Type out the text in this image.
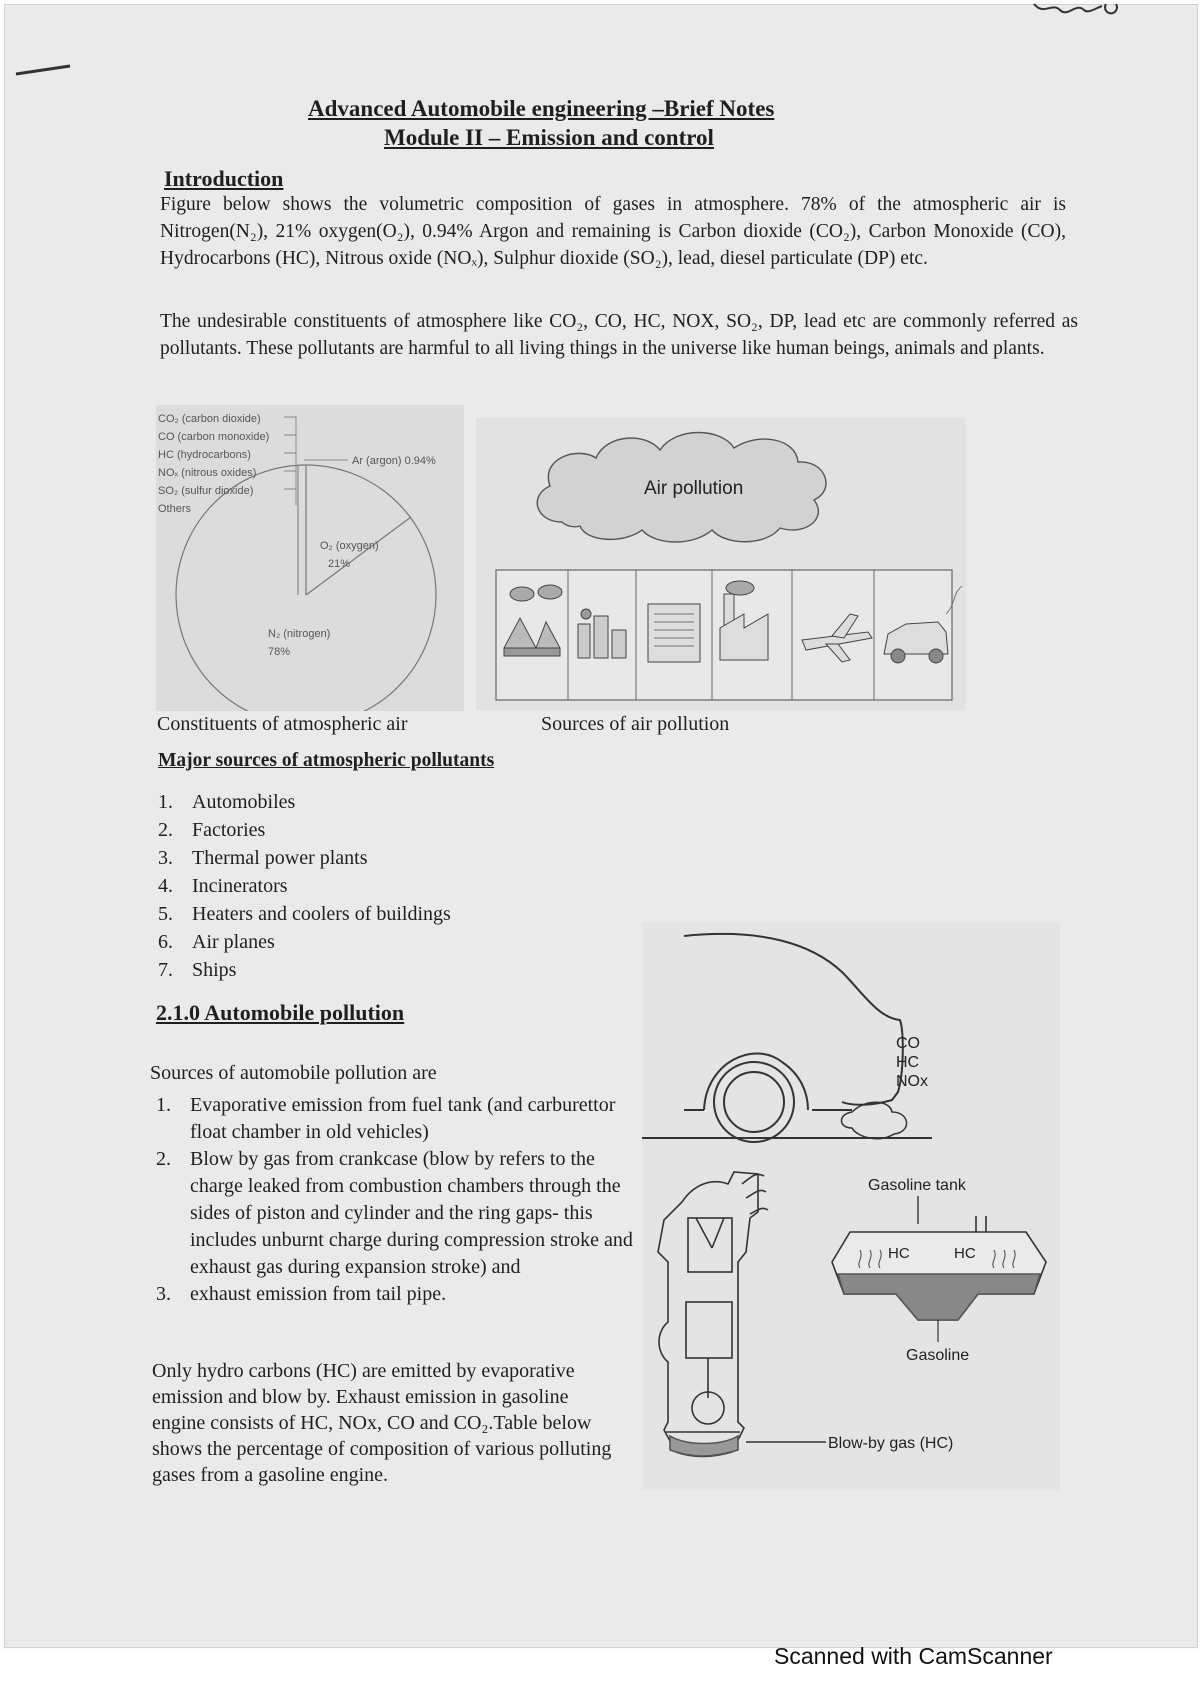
Advanced Automobile engineering –Brief Notes
Module II – Emission and control
Introduction
Figure below shows the volumetric composition of gases in atmosphere. 78% of the atmospheric air is Nitrogen(N₂), 21% oxygen(O₂), 0.94% Argon and remaining is Carbon dioxide (CO₂), Carbon Monoxide (CO), Hydrocarbons (HC), Nitrous oxide (NOₓ), Sulphur dioxide (SO₂), lead, diesel particulate (DP) etc.
The undesirable constituents of atmosphere like CO₂, CO, HC, NOX, SO₂, DP, lead etc are commonly referred as pollutants. These pollutants are harmful to all living things in the universe like human beings, animals and plants.
CO₂ (carbon dioxide)
CO (carbon monoxide)
HC (hydrocarbons)
NOₓ (nitrous oxides)
SO₂ (sulfur dioxide)
Others
Ar (argon) 0.94%
O₂ (oxygen)
21%
N₂ (nitrogen)
78%
Air pollution
Constituents of atmospheric air	Sources of air pollution
Major sources of atmospheric pollutants
1. Automobiles
2. Factories
3. Thermal power plants
4. Incinerators
5. Heaters and coolers of buildings
6. Air planes
7. Ships
2.1.0 Automobile pollution
Sources of automobile pollution are
1. Evaporative emission from fuel tank (and carburettor float chamber in old vehicles)
2. Blow by gas from crankcase (blow by refers to the charge leaked from combustion chambers through the sides of piston and cylinder and the ring gaps- this includes unburnt charge during compression stroke and exhaust gas during expansion stroke) and
3. exhaust emission from tail pipe.
Only hydro carbons (HC) are emitted by evaporative emission and blow by. Exhaust emission in gasoline engine consists of HC, NOx, CO and CO₂.Table below shows the percentage of composition of various polluting gases from a gasoline engine.
CO
HC
NOx
Blow-by gas (HC)
Gasoline tank
HC	HC
Gasoline
Scanned with CamScanner
